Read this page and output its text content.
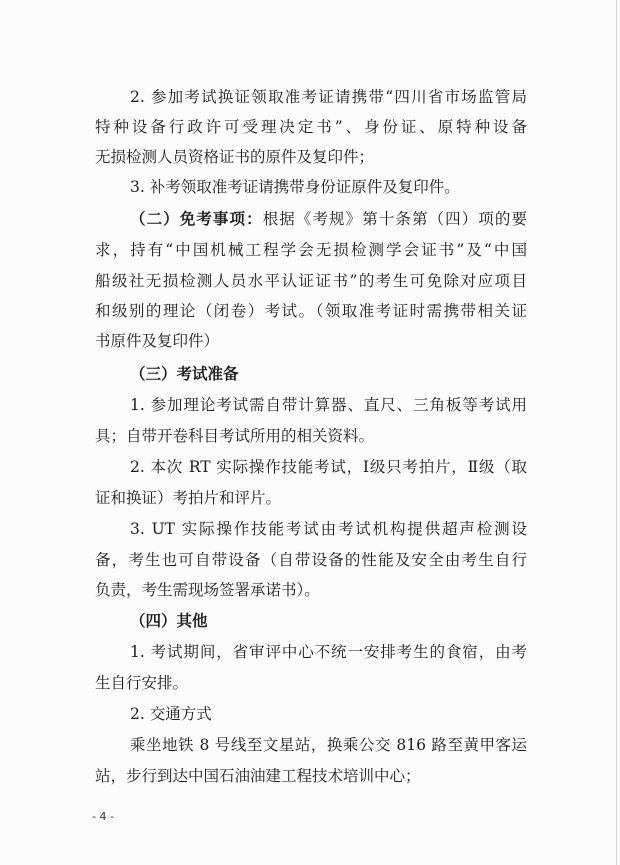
2. 参加考试换证领取准考证请携带“四川省市场监管局
特种设备行政许可受理决定书”、身份证、原特种设备
无损检测人员资格证书的原件及复印件；
3. 补考领取准考证请携带身份证原件及复印件。
（二）免考事项：根据《考规》第十条第（四）项的要
求，持有“中国机械工程学会无损检测学会证书”及“中国
船级社无损检测人员水平认证证书”的考生可免除对应项目
和级别的理论（闭卷）考试。（领取准考证时需携带相关证
书原件及复印件）
（三）考试准备
1. 参加理论考试需自带计算器、直尺、三角板等考试用
具；自带开卷科目考试所用的相关资料。
2. 本次 RT 实际操作技能考试，Ⅰ级只考拍片，Ⅱ级（取
证和换证）考拍片和评片。
3. UT 实际操作技能考试由考试机构提供超声检测设
备，考生也可自带设备（自带设备的性能及安全由考生自行
负责，考生需现场签署承诺书）。
（四）其他
1. 考试期间，省审评中心不统一安排考生的食宿，由考
生自行安排。
2. 交通方式
乘坐地铁 8 号线至文星站，换乘公交 816 路至黄甲客运
站，步行到达中国石油油建工程技术培训中心；
- 4 -
